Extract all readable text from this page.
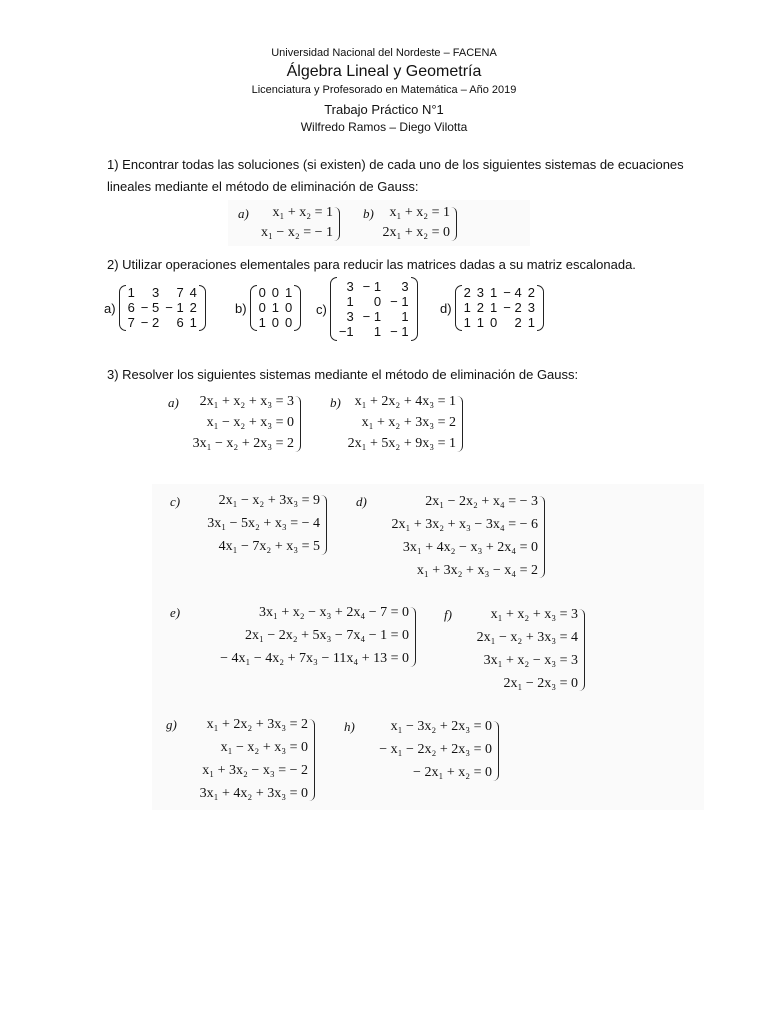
Universidad Nacional del Nordeste – FACENA
Álgebra Lineal y Geometría
Licenciatura y Profesorado en Matemática – Año 2019
Trabajo Práctico N°1
Wilfredo Ramos – Diego Vilotta
1) Encontrar todas las soluciones (si existen) de cada uno de los siguientes sistemas de ecuaciones
lineales mediante el método de eliminación de Gauss:
a)	x₁ + x₂ = 1
x₁ − x₂ = − 1
b)	x₁ + x₂ = 1
2x₁ + x₂ = 0
2) Utilizar operaciones elementales para reducir las matrices dadas a su matriz escalonada.
a)
1	3	7 4
6 − 5 − 1 2
7 − 2	6 1
b)
0 0 1
0 1 0
1 0 0
c)
3 − 1	3
1	0 − 1
3 − 1	1
−1	1 − 1
d)
2 3 1 − 4 2
1 2 1 − 2 3
1 1 0	2 1
3) Resolver los siguientes sistemas mediante el método de eliminación de Gauss:
a)	2x₁ + x₂ + x₃ = 3
x₁ − x₂ + x₃ = 0
3x₁ − x₂ + 2x₃ = 2
b) x₁ + 2x₂ + 4x₃ = 1
x₁ + x₂ + 3x₃ = 2
2x₁ + 5x₂ + 9x₃ = 1
c)	2x₁ − x₂ + 3x₃ = 9
3x₁ − 5x₂ + x₃ = − 4
4x₁ − 7x₂ + x₃ = 5
d)	2x₁ − 2x₂ + x₄ = − 3
2x₁ + 3x₂ + x₃ − 3x₄ = − 6
3x₁ + 4x₂ − x₃ + 2x₄ = 0
x₁ + 3x₂ + x₃ − x₄ = 2
e)	3x₁ + x₂ − x₃ + 2x₄ − 7 = 0
2x₁ − 2x₂ + 5x₃ − 7x₄ − 1 = 0
− 4x₁ − 4x₂ + 7x₃ − 11x₄ + 13 = 0
f)	x₁ + x₂ + x₃ = 3
2x₁ − x₂ + 3x₃ = 4
3x₁ + x₂ − x₃ = 3
2x₁ − 2x₃ = 0
g)	x₁ + 2x₂ + 3x₃ = 2
x₁ − x₂ + x₃ = 0
x₁ + 3x₂ − x₃ = − 2
3x₁ + 4x₂ + 3x₃ = 0
h)	x₁ − 3x₂ + 2x₃ = 0
− x₁ − 2x₂ + 2x₃ = 0
− 2x₁ + x₂ = 0
